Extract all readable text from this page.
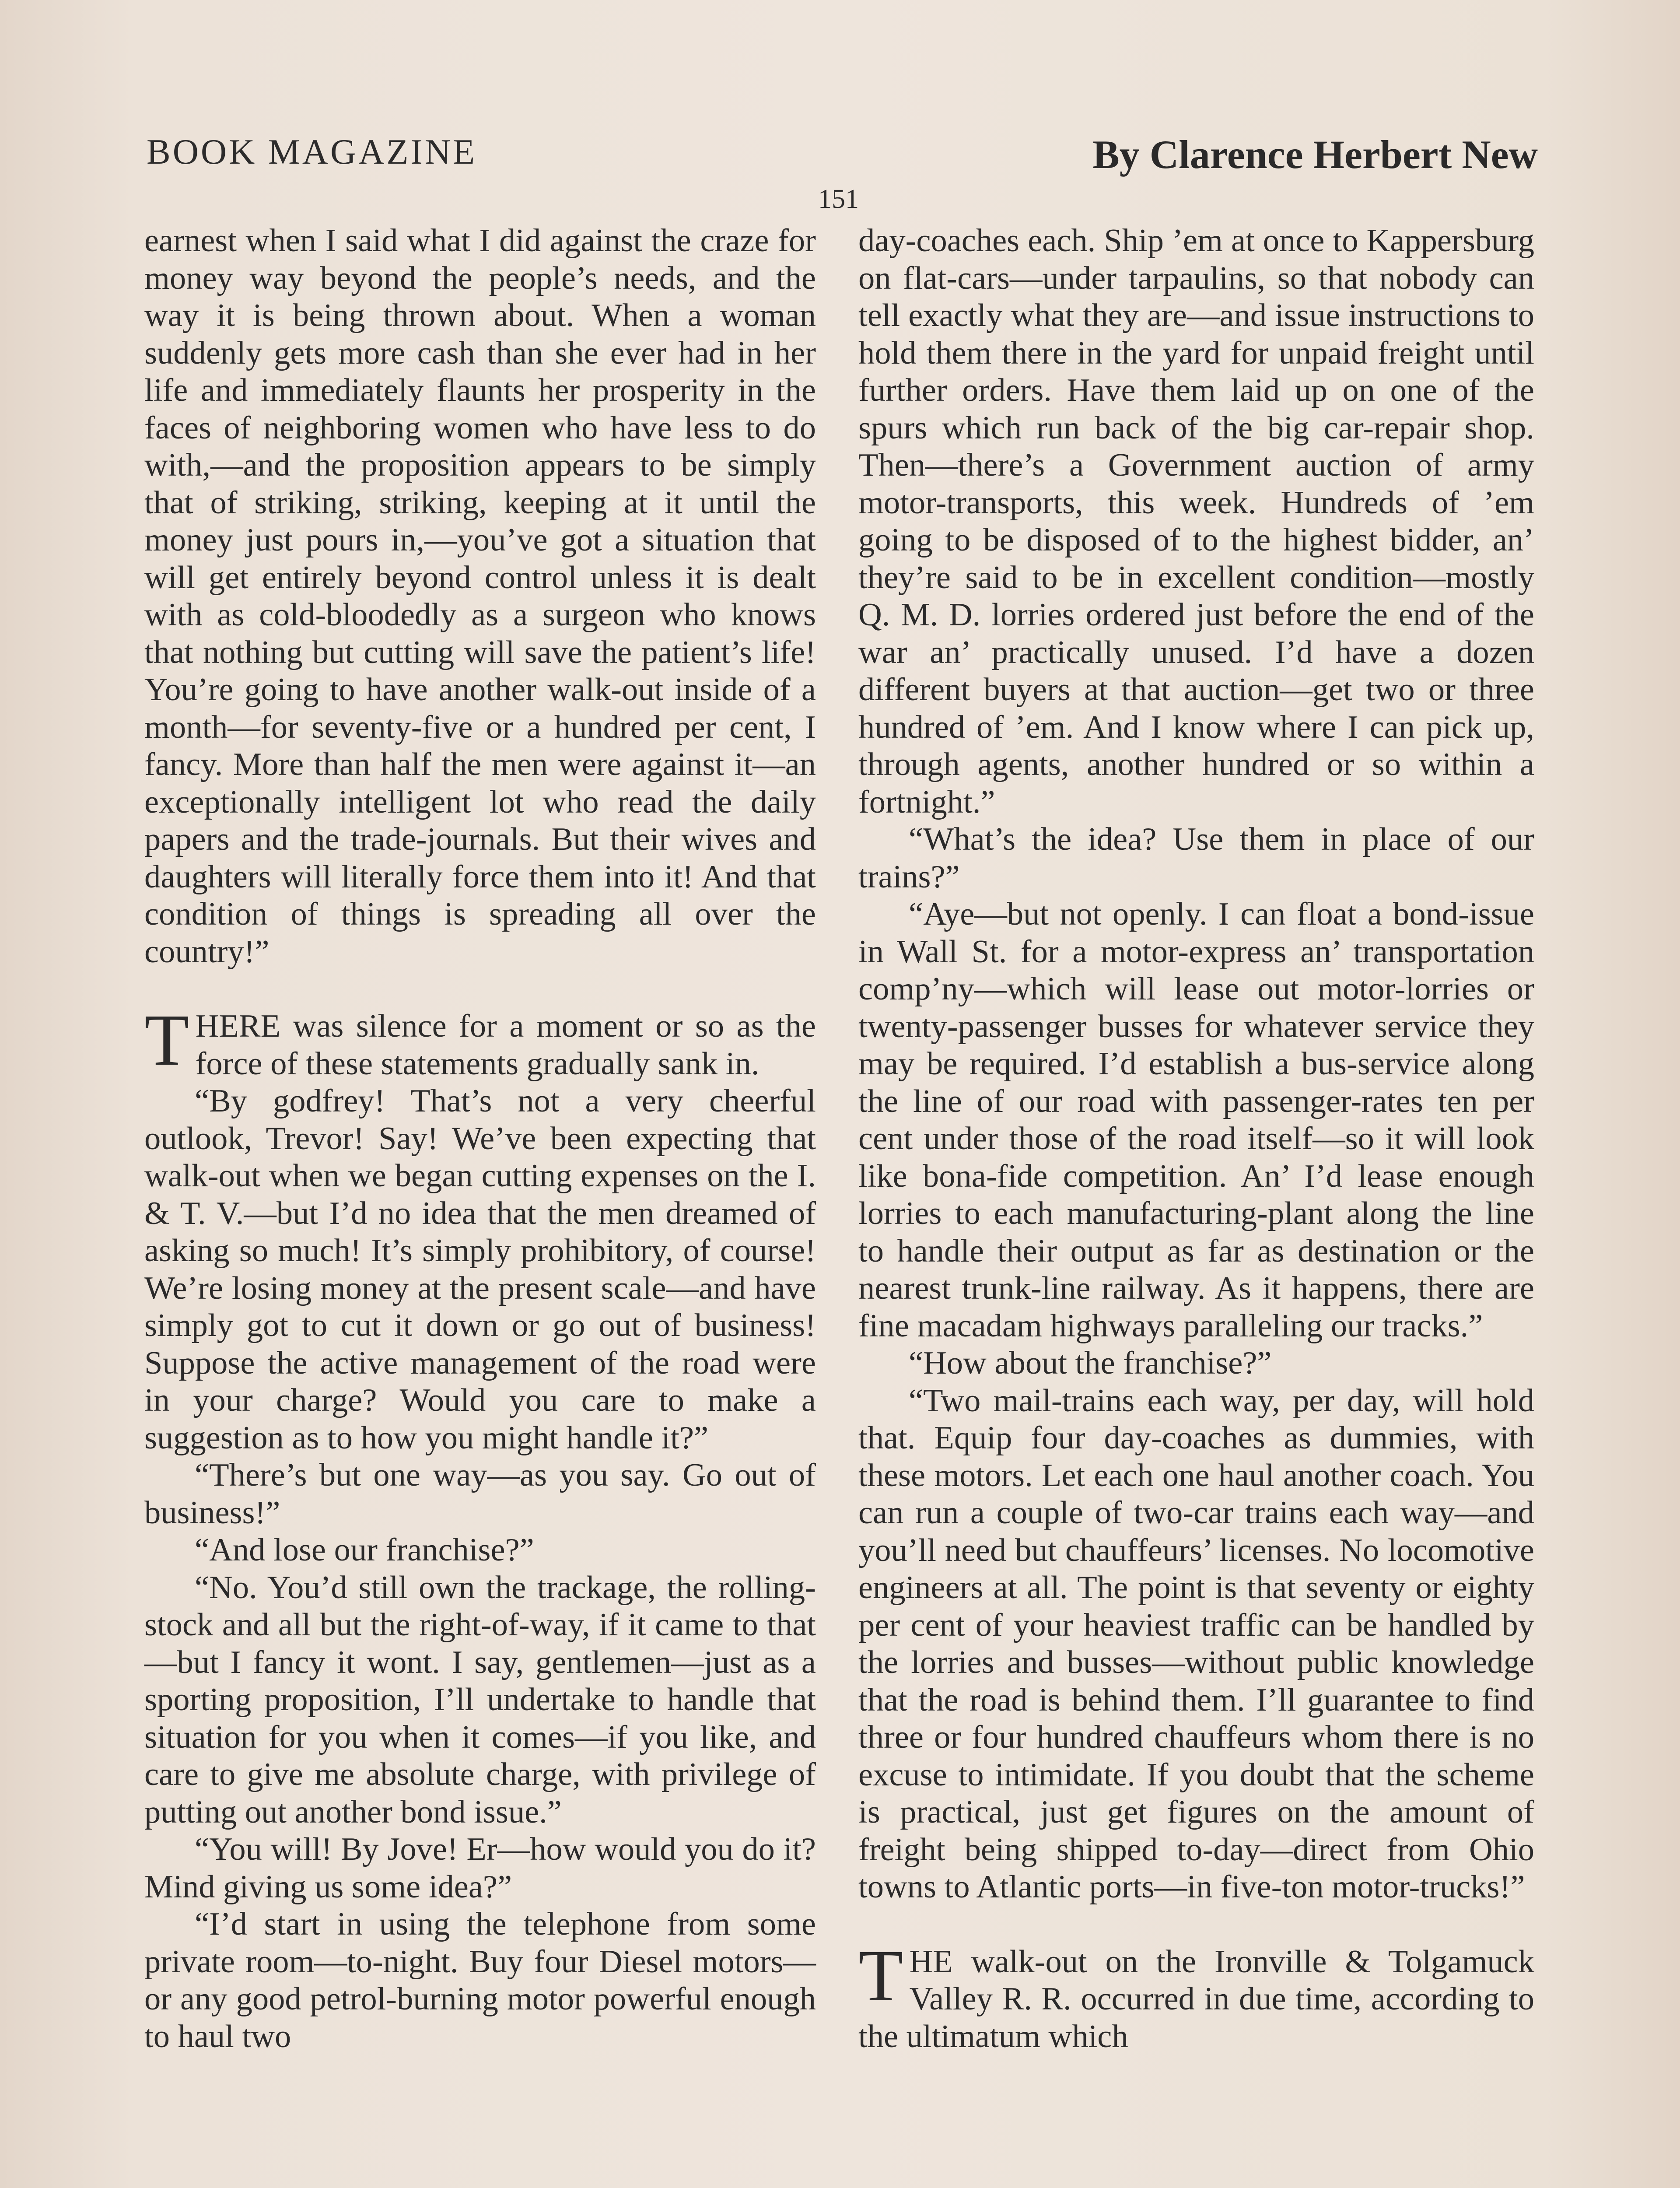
BOOK MAGAZINE	By Clarence Herbert New
151

earnest when I said what I did against the craze for money way beyond the people’s needs, and the way it is being thrown about. When a woman suddenly gets more cash than she ever had in her life and immediately flaunts her prosperity in the faces of neighboring women who have less to do with,—and the proposition appears to be simply that of striking, striking, keeping at it until the money just pours in,—you’ve got a situation that will get entirely beyond control unless it is dealt with as cold-bloodedly as a surgeon who knows that nothing but cutting will save the patient’s life! You’re going to have another walk-out inside of a month—for seventy-five or a hundred per cent, I fancy. More than half the men were against it—an exceptionally intelligent lot who read the daily papers and the trade-journals. But their wives and daughters will literally force them into it! And that condition of things is spreading all over the country!”

THERE was silence for a moment or so as the force of these statements gradually sank in.

“By godfrey! That’s not a very cheerful outlook, Trevor! Say! We’ve been expecting that walk-out when we began cutting expenses on the I. & T. V.—but I’d no idea that the men dreamed of asking so much! It’s simply prohibitory, of course! We’re losing money at the present scale—and have simply got to cut it down or go out of business! Suppose the active management of the road were in your charge? Would you care to make a suggestion as to how you might handle it?”

“There’s but one way—as you say. Go out of business!”

“And lose our franchise?”

“No. You’d still own the trackage, the rolling-stock and all but the right-of-way, if it came to that—but I fancy it wont. I say, gentlemen—just as a sporting proposition, I’ll undertake to handle that situation for you when it comes—if you like, and care to give me absolute charge, with privilege of putting out another bond issue.”

“You will! By Jove! Er—how would you do it? Mind giving us some idea?”

“I’d start in using the telephone from some private room—to-night. Buy four Diesel motors—or any good petrol-burning motor powerful enough to haul two

day-coaches each. Ship ’em at once to Kappersburg on flat-cars—under tarpaulins, so that nobody can tell exactly what they are—and issue instructions to hold them there in the yard for unpaid freight until further orders. Have them laid up on one of the spurs which run back of the big car-repair shop. Then—there’s a Government auction of army motor-transports, this week. Hundreds of ’em going to be disposed of to the highest bidder, an’ they’re said to be in excellent condition—mostly Q. M. D. lorries ordered just before the end of the war an’ practically unused. I’d have a dozen different buyers at that auction—get two or three hundred of ’em. And I know where I can pick up, through agents, another hundred or so within a fortnight.”

“What’s the idea? Use them in place of our trains?”

“Aye—but not openly. I can float a bond-issue in Wall St. for a motor-express an’ transportation comp’ny—which will lease out motor-lorries or twenty-passenger busses for whatever service they may be required. I’d establish a bus-service along the line of our road with passenger-rates ten per cent under those of the road itself—so it will look like bona-fide competition. An’ I’d lease enough lorries to each manufacturing-plant along the line to handle their output as far as destination or the nearest trunk-line railway. As it happens, there are fine macadam highways paralleling our tracks.”

“How about the franchise?”

“Two mail-trains each way, per day, will hold that. Equip four day-coaches as dummies, with these motors. Let each one haul another coach. You can run a couple of two-car trains each way—and you’ll need but chauffeurs’ licenses. No locomotive engineers at all. The point is that seventy or eighty per cent of your heaviest traffic can be handled by the lorries and busses—without public knowledge that the road is behind them. I’ll guarantee to find three or four hundred chauffeurs whom there is no excuse to intimidate. If you doubt that the scheme is practical, just get figures on the amount of freight being shipped to-day—direct from Ohio towns to Atlantic ports—in five-ton motor-trucks!”

THE walk-out on the Ironville & Tolgamuck Valley R. R. occurred in due time, according to the ultimatum which
